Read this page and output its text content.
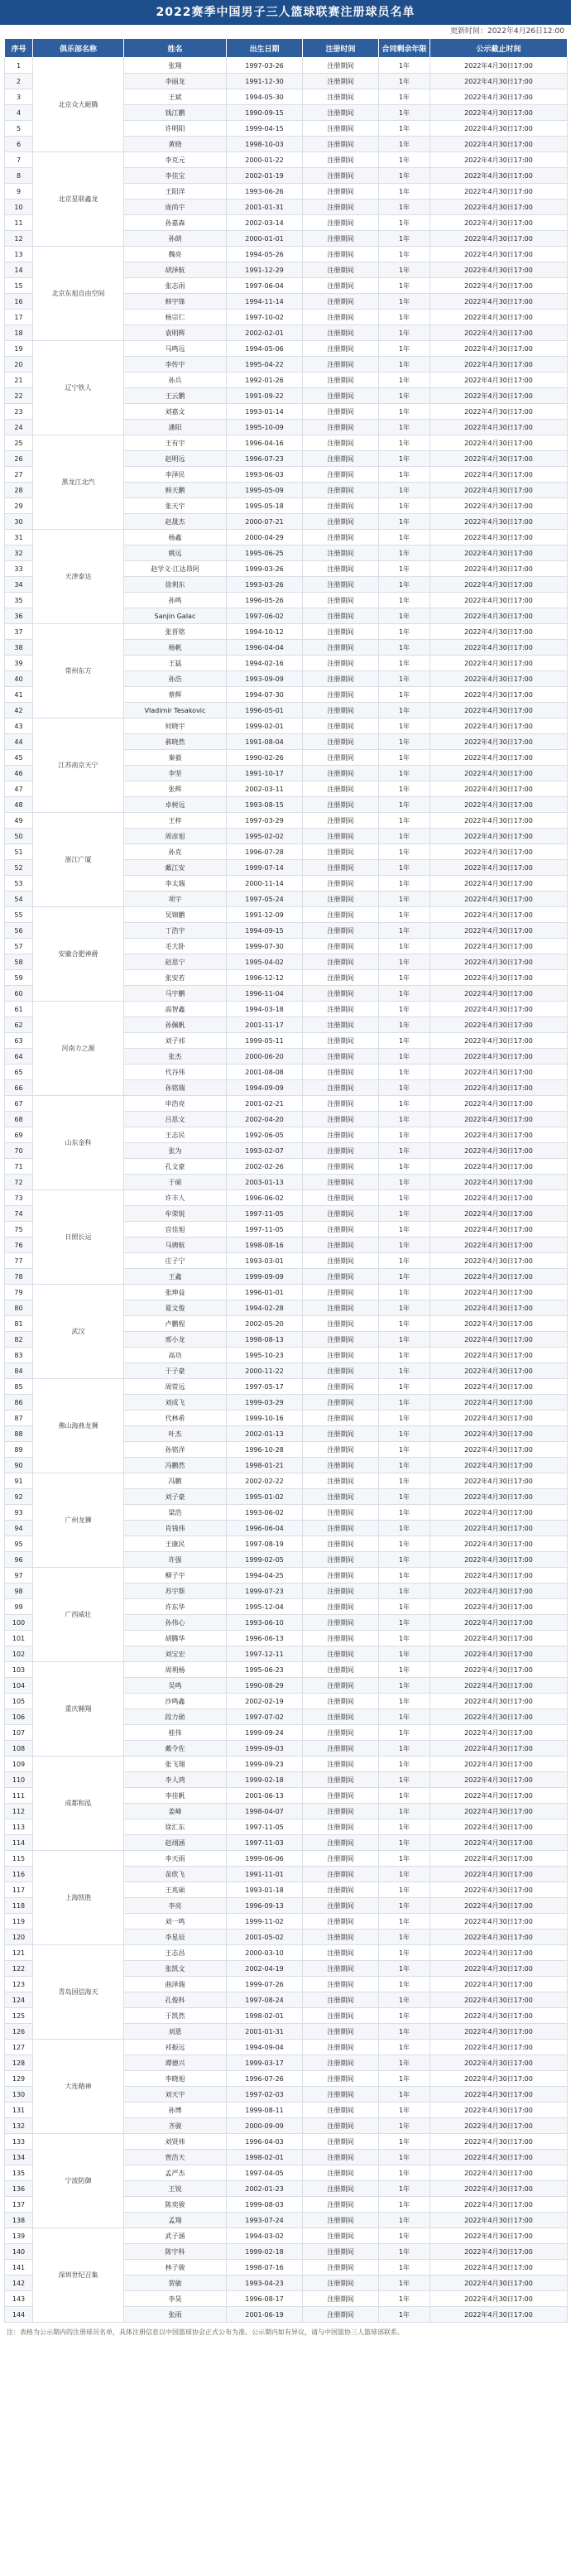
2022赛季中国男子三人篮球联赛注册球员名单
更新时间：2022年4月26日12:00
序号	俱乐部名称	姓名	出生日期	注册时间	合同剩余年限	公示截止时间
1	北京众大耐腾	张翔	1997-03-26	注册期间	1年	2022年4月30日17:00
2		李丽龙	1991-12-30	注册期间	1年	2022年4月30日17:00
3		王斌	1994-05-30	注册期间	1年	2022年4月30日17:00
4		钱江鹏	1990-09-15	注册期间	1年	2022年4月30日17:00
5		许明阳	1999-04-15	注册期间	1年	2022年4月30日17:00
6		黄晓	1998-10-03	注册期间	1年	2022年4月30日17:00
7	北京星联鑫龙	李克元	2000-01-22	注册期间	1年	2022年4月30日17:00
8		李佳宝	2002-01-19	注册期间	1年	2022年4月30日17:00
9		王阳洋	1993-06-26	注册期间	1年	2022年4月30日17:00
10		庞尚宇	2001-01-31	注册期间	1年	2022年4月30日17:00
11		孙嘉森	2002-03-14	注册期间	1年	2022年4月30日17:00
12		孙朗	2000-01-01	注册期间	1年	2022年4月30日17:00
13	北京东旭自由空间	魏亮	1994-05-26	注册期间	1年	2022年4月30日17:00
14		胡泽航	1991-12-29	注册期间	1年	2022年4月30日17:00
15		张志雨	1997-06-04	注册期间	1年	2022年4月30日17:00
16		韩宇锋	1994-11-14	注册期间	1年	2022年4月30日17:00
17		杨宗仁	1997-10-02	注册期间	1年	2022年4月30日17:00
18		袁明辉	2002-02-01	注册期间	1年	2022年4月30日17:00
19	辽宁铁人	马鸣远	1994-05-06	注册期间	1年	2022年4月30日17:00
20		李传宇	1995-04-22	注册期间	1年	2022年4月30日17:00
21		孙兵	1992-01-26	注册期间	1年	2022年4月30日17:00
22		王云鹏	1991-09-22	注册期间	1年	2022年4月30日17:00
23		刘嘉文	1993-01-14	注册期间	1年	2022年4月30日17:00
24		潘阳	1995-10-09	注册期间	1年	2022年4月30日17:00
25	黑龙江北汽	王有宇	1996-04-16	注册期间	1年	2022年4月30日17:00
26		赵明远	1996-07-23	注册期间	1年	2022年4月30日17:00
27		李泽民	1993-06-03	注册期间	1年	2022年4月30日17:00
28		韩天鹏	1995-05-09	注册期间	1年	2022年4月30日17:00
29		张天宇	1995-05-18	注册期间	1年	2022年4月30日17:00
30		赵晟杰	2000-07-21	注册期间	1年	2022年4月30日17:00
31	天津泰达	杨鑫	2000-04-29	注册期间	1年	2022年4月30日17:00
32		姚远	1995-06-25	注册期间	1年	2022年4月30日17:00
33		赵学义·江达昂阿	1999-03-26	注册期间	1年	2022年4月30日17:00
34		徐利东	1993-03-26	注册期间	1年	2022年4月30日17:00
35		孙鸣	1996-05-26	注册期间	1年	2022年4月30日17:00
36		Sanjin Galac	1997-06-02	注册期间	1年	2022年4月30日17:00
37	常州东方	张晋铭	1994-10-12	注册期间	1年	2022年4月30日17:00
38		杨帆	1996-04-04	注册期间	1年	2022年4月30日17:00
39		王猛	1994-02-16	注册期间	1年	2022年4月30日17:00
40		孙浩	1993-09-09	注册期间	1年	2022年4月30日17:00
41		蔡辉	1994-07-30	注册期间	1年	2022年4月30日17:00
42		Vladimir Tesakovic	1996-05-01	注册期间	1年	2022年4月30日17:00
43	江苏南京天宁	何晓宇	1999-02-01	注册期间	1年	2022年4月30日17:00
44		郝晓然	1991-08-04	注册期间	1年	2022年4月30日17:00
45		秦毅	1990-02-26	注册期间	1年	2022年4月30日17:00
46		李坚	1991-10-17	注册期间	1年	2022年4月30日17:00
47		张辉	2002-03-11	注册期间	1年	2022年4月30日17:00
48		卓树远	1993-08-15	注册期间	1年	2022年4月30日17:00
49	浙江广厦	王梓	1997-03-29	注册期间	1年	2022年4月30日17:00
50		周彦旭	1995-02-02	注册期间	1年	2022年4月30日17:00
51		孙克	1996-07-28	注册期间	1年	2022年4月30日17:00
52		戴江安	1999-07-14	注册期间	1年	2022年4月30日17:00
53		李太瑞	2000-11-14	注册期间	1年	2022年4月30日17:00
54		项宇	1997-05-24	注册期间	1年	2022年4月30日17:00
55	安徽合肥神爵	吴锦鹏	1991-12-09	注册期间	1年	2022年4月30日17:00
56		丁浩宇	1994-09-15	注册期间	1年	2022年4月30日17:00
57		毛大卧	1999-07-30	注册期间	1年	2022年4月30日17:00
58		赵思宁	1995-04-02	注册期间	1年	2022年4月30日17:00
59		张安若	1996-12-12	注册期间	1年	2022年4月30日17:00
60		马宇鹏	1996-11-04	注册期间	1年	2022年4月30日17:00
61	河南力之源	高智鑫	1994-03-18	注册期间	1年	2022年4月30日17:00
62		孙佩帆	2001-11-17	注册期间	1年	2022年4月30日17:00
63		刘子祁	1999-05-11	注册期间	1年	2022年4月30日17:00
64		张杰	2000-06-20	注册期间	1年	2022年4月30日17:00
65		代谷伟	2001-08-08	注册期间	1年	2022年4月30日17:00
66		孙铭瑞	1994-09-09	注册期间	1年	2022年4月30日17:00
67	山东金科	申浩亮	2001-02-21	注册期间	1年	2022年4月30日17:00
68		吕思文	2002-04-20	注册期间	1年	2022年4月30日17:00
69		王志民	1992-06-05	注册期间	1年	2022年4月30日17:00
70		张为	1993-02-07	注册期间	1年	2022年4月30日17:00
71		孔文豪	2002-02-26	注册期间	1年	2022年4月30日17:00
72		于硕	2003-01-13	注册期间	1年	2022年4月30日17:00
73	日照长运	许丰人	1996-06-02	注册期间	1年	2022年4月30日17:00
74		牟荣锐	1997-11-05	注册期间	1年	2022年4月30日17:00
75		宫佳旭	1997-11-05	注册期间	1年	2022年4月30日17:00
76		马骋航	1998-08-16	注册期间	1年	2022年4月30日17:00
77		庄子宁	1993-03-01	注册期间	1年	2022年4月30日17:00
78		王鑫	1999-09-09	注册期间	1年	2022年4月30日17:00
79	武汉	张珅益	1996-01-01	注册期间	1年	2022年4月30日17:00
80		夏文俊	1994-02-28	注册期间	1年	2022年4月30日17:00
81		卢鹏程	2002-05-20	注册期间	1年	2022年4月30日17:00
82		邢小龙	1998-08-13	注册期间	1年	2022年4月30日17:00
83		高功	1995-10-23	注册期间	1年	2022年4月30日17:00
84		于子豪	2000-11-22	注册期间	1年	2022年4月30日17:00
85	佛山海燕龙狮	周常远	1997-05-17	注册期间	1年	2022年4月30日17:00
86		刘成飞	1999-03-29	注册期间	1年	2022年4月30日17:00
87		代林希	1999-10-16	注册期间	1年	2022年4月30日17:00
88		叶杰	2002-01-13	注册期间	1年	2022年4月30日17:00
89		孙铭洋	1996-10-28	注册期间	1年	2022年4月30日17:00
90		冯鹏然	1998-01-21	注册期间	1年	2022年4月30日17:00
91	广州龙狮	冯鹏	2002-02-22	注册期间	1年	2022年4月30日17:00
92		刘子豪	1995-01-02	注册期间	1年	2022年4月30日17:00
93		梁浩	1993-06-02	注册期间	1年	2022年4月30日17:00
94		肖钱伟	1996-06-04	注册期间	1年	2022年4月30日17:00
95		王康民	1997-08-19	注册期间	1年	2022年4月30日17:00
96		许强	1999-02-05	注册期间	1年	2022年4月30日17:00
97	广西威壮	柳子宇	1994-04-25	注册期间	1年	2022年4月30日17:00
98		苏宇斯	1999-07-23	注册期间	1年	2022年4月30日17:00
99		许东华	1995-12-04	注册期间	1年	2022年4月30日17:00
100		孙伟心	1993-06-10	注册期间	1年	2022年4月30日17:00
101		胡腾华	1996-06-13	注册期间	1年	2022年4月30日17:00
102		刘宝宏	1997-12-11	注册期间	1年	2022年4月30日17:00
103	重庆翱翔	周利杨	1995-06-23	注册期间	1年	2022年4月30日17:00
104		吴鸣	1990-08-29	注册期间	1年	2022年4月30日17:00
105		沙鸣鑫	2002-02-19	注册期间	1年	2022年4月30日17:00
106		段力勋	1997-07-02	注册期间	1年	2022年4月30日17:00
107		桂伟	1999-09-24	注册期间	1年	2022年4月30日17:00
108		戴令佐	1999-09-03	注册期间	1年	2022年4月30日17:00
109	成都和泓	张飞翔	1999-09-23	注册期间	1年	2022年4月30日17:00
110		李人鸿	1999-02-18	注册期间	1年	2022年4月30日17:00
111		李佳帆	2001-06-13	注册期间	1年	2022年4月30日17:00
112		姜峰	1998-04-07	注册期间	1年	2022年4月30日17:00
113		徐汇东	1997-11-05	注册期间	1年	2022年4月30日17:00
114		赵翊涵	1997-11-03	注册期间	1年	2022年4月30日17:00
115	上海凯胜	李天雨	1999-06-06	注册期间	1年	2022年4月30日17:00
116		苗欣飞	1991-11-01	注册期间	1年	2022年4月30日17:00
117		王兆硕	1993-01-18	注册期间	1年	2022年4月30日17:00
118		李亮	1996-09-13	注册期间	1年	2022年4月30日17:00
119		刘一鸣	1999-11-02	注册期间	1年	2022年4月30日17:00
120		李星辰	2001-05-02	注册期间	1年	2022年4月30日17:00
121	青岛国信海天	王志昌	2000-03-10	注册期间	1年	2022年4月30日17:00
122		张凯文	2002-04-19	注册期间	1年	2022年4月30日17:00
123		曲泽瑞	1999-07-26	注册期间	1年	2022年4月30日17:00
124		孔俊科	1997-08-24	注册期间	1年	2022年4月30日17:00
125		于凯然	1998-02-01	注册期间	1年	2022年4月30日17:00
126		刘恩	2001-01-31	注册期间	1年	2022年4月30日17:00
127	大连精神	祁振远	1994-09-04	注册期间	1年	2022年4月30日17:00
128		谭德兴	1999-03-17	注册期间	1年	2022年4月30日17:00
129		李晓旭	1996-07-26	注册期间	1年	2022年4月30日17:00
130		刘天宇	1997-02-03	注册期间	1年	2022年4月30日17:00
131		孙博	1999-08-11	注册期间	1年	2022年4月30日17:00
132		齐骏	2000-09-09	注册期间	1年	2022年4月30日17:00
133	宁波防御	刘贤炜	1996-04-03	注册期间	1年	2022年4月30日17:00
134		曾浩天	1998-02-01	注册期间	1年	2022年4月30日17:00
135		孟严杰	1997-04-05	注册期间	1年	2022年4月30日17:00
136		王锐	2002-01-23	注册期间	1年	2022年4月30日17:00
137		陈奕骏	1999-08-03	注册期间	1年	2022年4月30日17:00
138		孟翔	1993-07-24	注册期间	1年	2022年4月30日17:00
139	深圳世纪召集	武子涵	1994-03-02	注册期间	1年	2022年4月30日17:00
140		陈宇科	1999-02-18	注册期间	1年	2022年4月30日17:00
141		林子骏	1998-07-16	注册期间	1年	2022年4月30日17:00
142		贺敏	1993-04-23	注册期间	1年	2022年4月30日17:00
143		李昊	1996-08-17	注册期间	1年	2022年4月30日17:00
144		张雨	2001-06-19	注册期间	1年	2022年4月30日17:00
注：表格为公示期内的注册球员名单，具体注册信息以中国篮球协会正式公布为准。公示期内如有异议，请与中国篮协三人篮球部联系。
